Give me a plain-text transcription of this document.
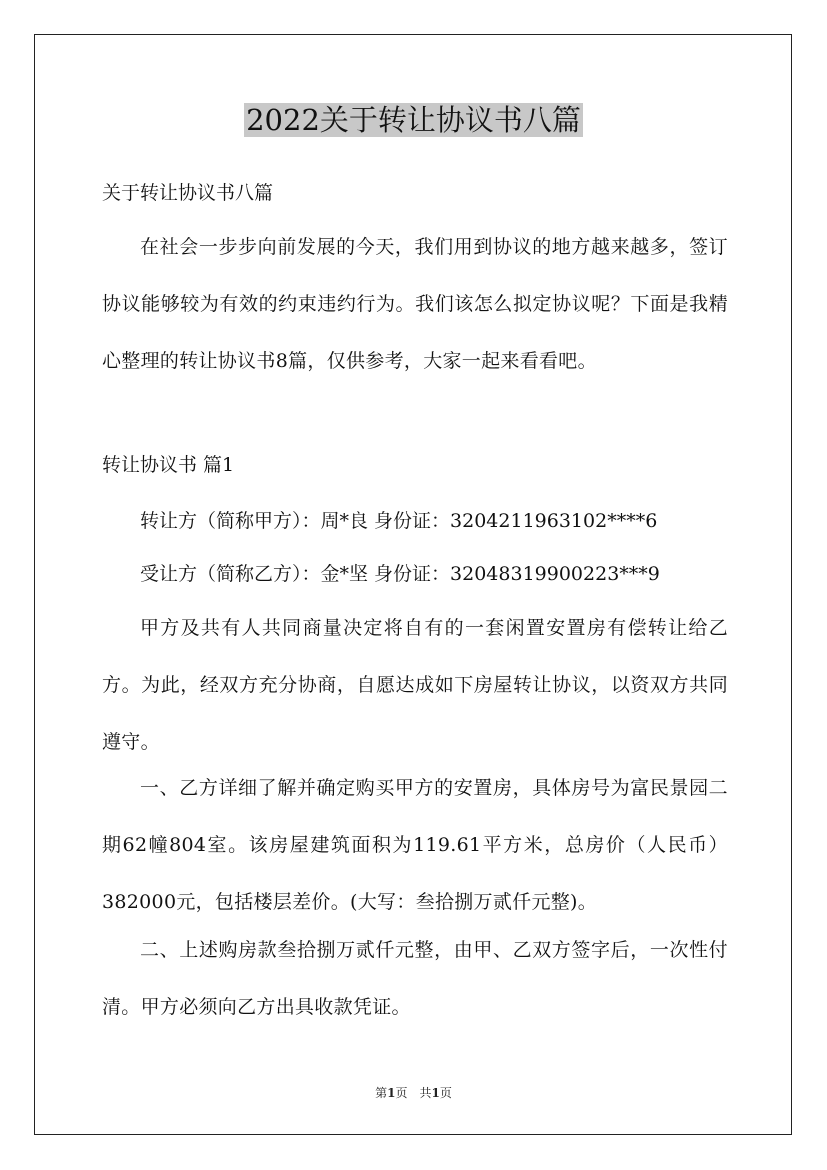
2022关于转让协议书八篇

关于转让协议书八篇

在社会一步步向前发展的今天，我们用到协议的地方越来越多，签订协议能够较为有效的约束违约行为。我们该怎么拟定协议呢？下面是我精心整理的转让协议书8篇，仅供参考，大家一起来看看吧。

转让协议书 篇1

转让方（简称甲方）：周*良 身份证：3204211963102****6

受让方（简称乙方）：金*坚 身份证：32048319900223***9

甲方及共有人共同商量决定将自有的一套闲置安置房有偿转让给乙方。为此，经双方充分协商，自愿达成如下房屋转让协议，以资双方共同遵守。

一、乙方详细了解并确定购买甲方的安置房，具体房号为富民景园二期62幢804室。该房屋建筑面积为119.61平方米，总房价（人民币）382000元，包括楼层差价。(大写：叁拾捌万贰仟元整)。

二、上述购房款叁拾捌万贰仟元整，由甲、乙双方签字后，一次性付清。甲方必须向乙方出具收款凭证。

第1页　共1页
